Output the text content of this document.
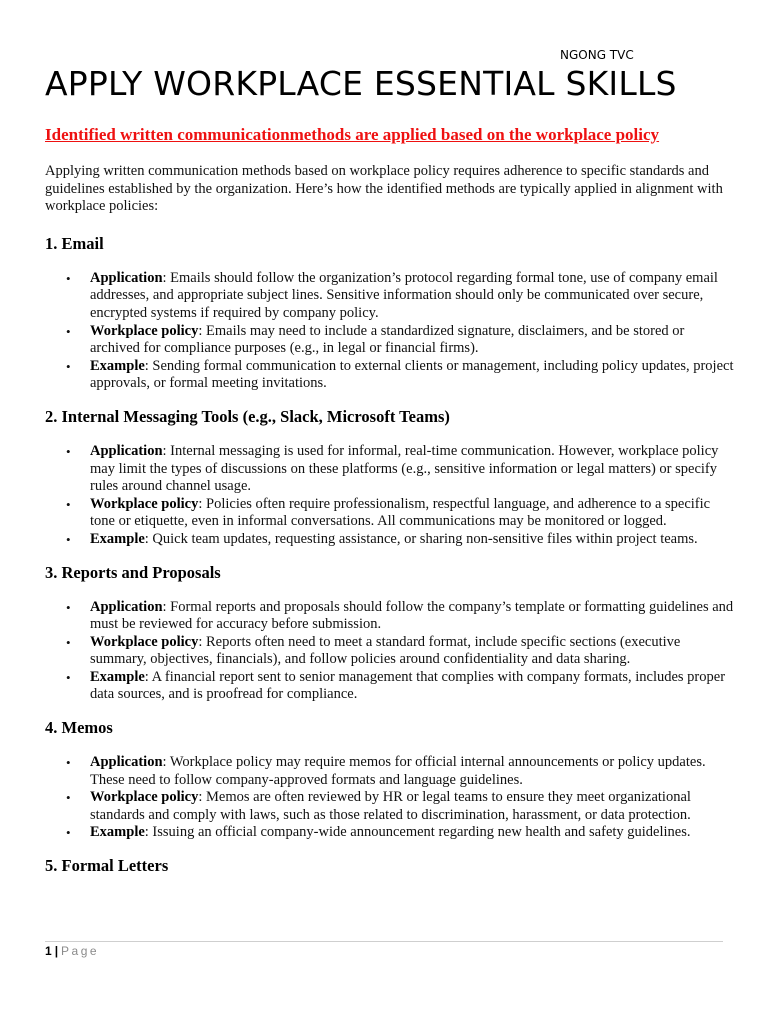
NGONG TVC
APPLY WORKPLACE ESSENTIAL SKILLS
Identified written communicationmethods are applied based on the workplace policy

Applying written communication methods based on workplace policy requires adherence to specific standards and guidelines established by the organization. Here’s how the identified methods are typically applied in alignment with workplace policies:

1. Email
• Application: Emails should follow the organization’s protocol regarding formal tone, use of company email addresses, and appropriate subject lines. Sensitive information should only be communicated over secure, encrypted systems if required by company policy.
• Workplace policy: Emails may need to include a standardized signature, disclaimers, and be stored or archived for compliance purposes (e.g., in legal or financial firms).
• Example: Sending formal communication to external clients or management, including policy updates, project approvals, or formal meeting invitations.
2. Internal Messaging Tools (e.g., Slack, Microsoft Teams)
• Application: Internal messaging is used for informal, real-time communication. However, workplace policy may limit the types of discussions on these platforms (e.g., sensitive information or legal matters) or specify rules around channel usage.
• Workplace policy: Policies often require professionalism, respectful language, and adherence to a specific tone or etiquette, even in informal conversations. All communications may be monitored or logged.
• Example: Quick team updates, requesting assistance, or sharing non-sensitive files within project teams.
3. Reports and Proposals
• Application: Formal reports and proposals should follow the company’s template or formatting guidelines and must be reviewed for accuracy before submission.
• Workplace policy: Reports often need to meet a standard format, include specific sections (executive summary, objectives, financials), and follow policies around confidentiality and data sharing.
• Example: A financial report sent to senior management that complies with company formats, includes proper data sources, and is proofread for compliance.
4. Memos
• Application: Workplace policy may require memos for official internal announcements or policy updates. These need to follow company-approved formats and language guidelines.
• Workplace policy: Memos are often reviewed by HR or legal teams to ensure they meet organizational standards and comply with laws, such as those related to discrimination, harassment, or data protection.
• Example: Issuing an official company-wide announcement regarding new health and safety guidelines.
5. Formal Letters
1 | Page
